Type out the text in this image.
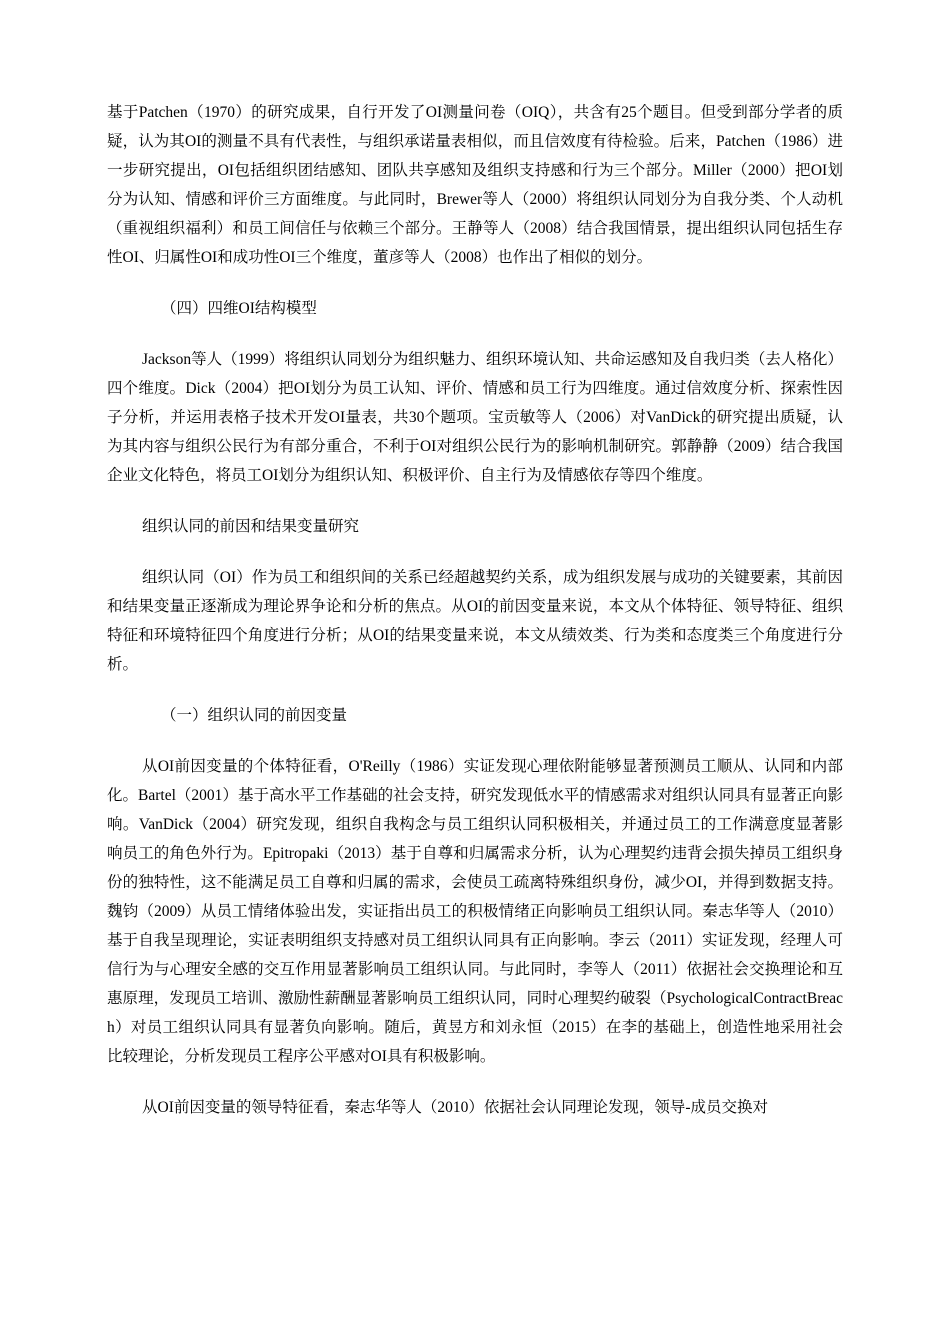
基于Patchen（1970）的研究成果，自行开发了OI测量问卷（OIQ），共含有25个题目。但受到部分学者的质疑，认为其OI的测量不具有代表性，与组织承诺量表相似，而且信效度有待检验。后来，Patchen（1986）进一步研究提出，OI包括组织团结感知、团队共享感知及组织支持感和行为三个部分。Miller（2000）把OI划分为认知、情感和评价三方面维度。与此同时，Brewer等人（2000）将组织认同划分为自我分类、个人动机（重视组织福利）和员工间信任与依赖三个部分。王静等人（2008）结合我国情景，提出组织认同包括生存性OI、归属性OI和成功性OI三个维度，董彦等人（2008）也作出了相似的划分。

（四）四维OI结构模型

Jackson等人（1999）将组织认同划分为组织魅力、组织环境认知、共命运感知及自我归类（去人格化）四个维度。Dick（2004）把OI划分为员工认知、评价、情感和员工行为四维度。通过信效度分析、探索性因子分析，并运用表格子技术开发OI量表，共30个题项。宝贡敏等人（2006）对VanDick的研究提出质疑，认为其内容与组织公民行为有部分重合，不利于OI对组织公民行为的影响机制研究。郭静静（2009）结合我国企业文化特色，将员工OI划分为组织认知、积极评价、自主行为及情感依存等四个维度。

组织认同的前因和结果变量研究

组织认同（OI）作为员工和组织间的关系已经超越契约关系，成为组织发展与成功的关键要素，其前因和结果变量正逐渐成为理论界争论和分析的焦点。从OI的前因变量来说，本文从个体特征、领导特征、组织特征和环境特征四个角度进行分析；从OI的结果变量来说，本文从绩效类、行为类和态度类三个角度进行分析。

（一）组织认同的前因变量

从OI前因变量的个体特征看，O'Reilly（1986）实证发现心理依附能够显著预测员工顺从、认同和内部化。Bartel（2001）基于高水平工作基础的社会支持，研究发现低水平的情感需求对组织认同具有显著正向影响。VanDick（2004）研究发现，组织自我构念与员工组织认同积极相关，并通过员工的工作满意度显著影响员工的角色外行为。Epitropaki（2013）基于自尊和归属需求分析，认为心理契约违背会损失掉员工组织身份的独特性，这不能满足员工自尊和归属的需求，会使员工疏离特殊组织身份，减少OI，并得到数据支持。魏钧（2009）从员工情绪体验出发，实证指出员工的积极情绪正向影响员工组织认同。秦志华等人（2010）基于自我呈现理论，实证表明组织支持感对员工组织认同具有正向影响。李云（2011）实证发现，经理人可信行为与心理安全感的交互作用显著影响员工组织认同。与此同时，李等人（2011）依据社会交换理论和互惠原理，发现员工培训、激励性薪酬显著影响员工组织认同，同时心理契约破裂（PsychologicalContractBreach）对员工组织认同具有显著负向影响。随后，黄昱方和刘永恒（2015）在李的基础上，创造性地采用社会比较理论，分析发现员工程序公平感对OI具有积极影响。

从OI前因变量的领导特征看，秦志华等人（2010）依据社会认同理论发现，领导-成员交换对
